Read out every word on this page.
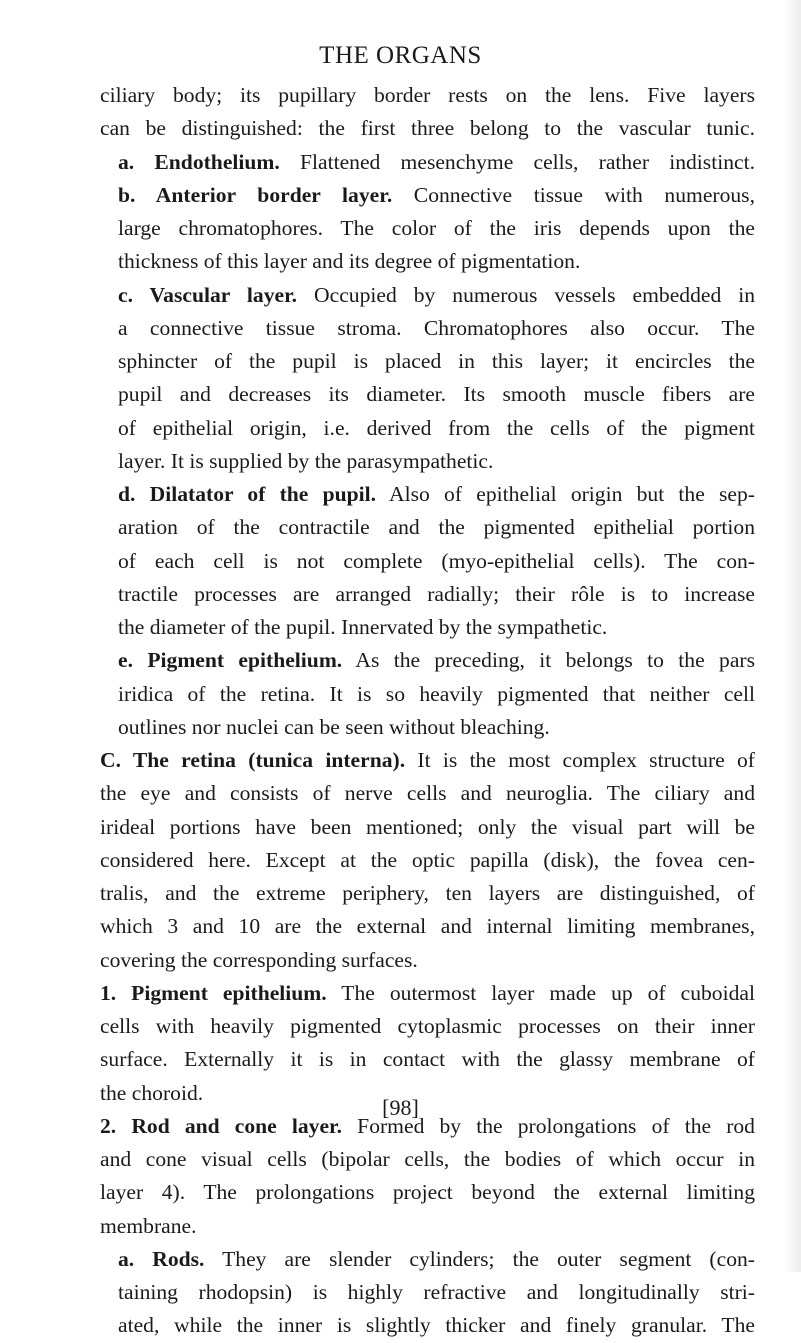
THE ORGANS
ciliary body; its pupillary border rests on the lens. Five layers
can be distinguished: the first three belong to the vascular tunic.
a. Endothelium. Flattened mesenchyme cells, rather indistinct.
b. Anterior border layer. Connective tissue with numerous,
large chromatophores. The color of the iris depends upon the
thickness of this layer and its degree of pigmentation.
c. Vascular layer. Occupied by numerous vessels embedded in
a connective tissue stroma. Chromatophores also occur. The
sphincter of the pupil is placed in this layer; it encircles the
pupil and decreases its diameter. Its smooth muscle fibers are
of epithelial origin, i.e. derived from the cells of the pigment
layer. It is supplied by the parasympathetic.
d. Dilatator of the pupil. Also of epithelial origin but the sep-
aration of the contractile and the pigmented epithelial portion
of each cell is not complete (myo-epithelial cells). The con-
tractile processes are arranged radially; their rôle is to increase
the diameter of the pupil. Innervated by the sympathetic.
e. Pigment epithelium. As the preceding, it belongs to the pars
iridica of the retina. It is so heavily pigmented that neither cell
outlines nor nuclei can be seen without bleaching.
C. The retina (tunica interna). It is the most complex structure of
the eye and consists of nerve cells and neuroglia. The ciliary and
irideal portions have been mentioned; only the visual part will be
considered here. Except at the optic papilla (disk), the fovea cen-
tralis, and the extreme periphery, ten layers are distinguished, of
which 3 and 10 are the external and internal limiting membranes,
covering the corresponding surfaces.
1. Pigment epithelium. The outermost layer made up of cuboidal
cells with heavily pigmented cytoplasmic processes on their inner
surface. Externally it is in contact with the glassy membrane of
the choroid.
2. Rod and cone layer. Formed by the prolongations of the rod
and cone visual cells (bipolar cells, the bodies of which occur in
layer 4). The prolongations project beyond the external limiting
membrane.
a. Rods. They are slender cylinders; the outer segment (con-
taining rhodopsin) is highly refractive and longitudinally stri-
ated, while the inner is slightly thicker and finely granular. The
[98]
